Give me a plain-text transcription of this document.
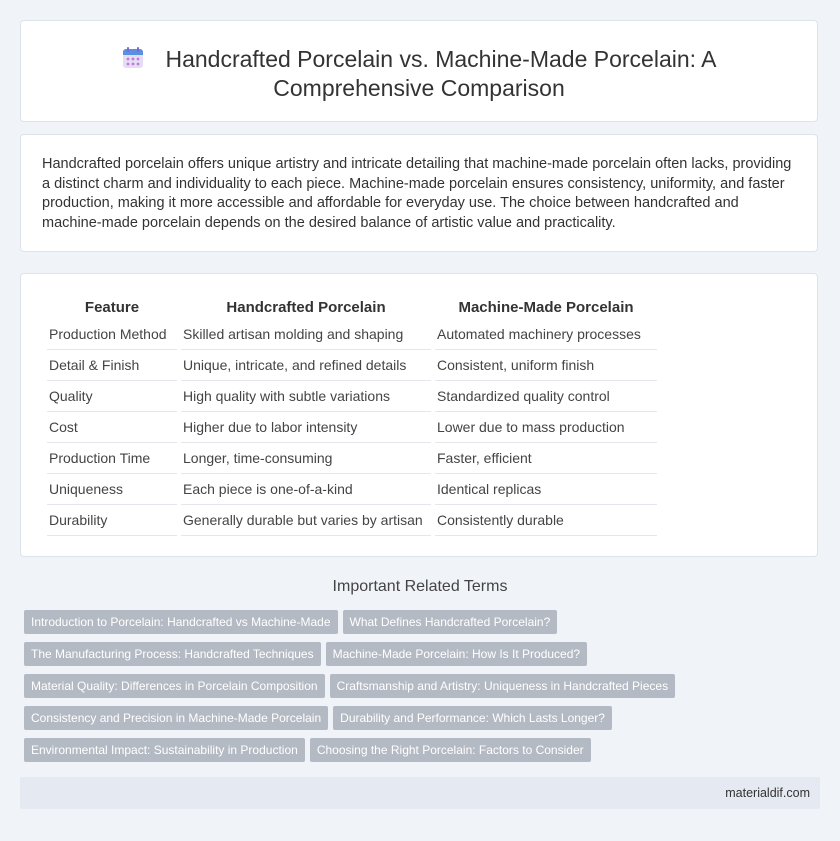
Handcrafted Porcelain vs. Machine-Made Porcelain: A
Comprehensive Comparison

Handcrafted porcelain offers unique artistry and intricate detailing that machine-made porcelain often lacks, providing a distinct charm and individuality to each piece. Machine-made porcelain ensures consistency, uniformity, and faster production, making it more accessible and affordable for everyday use. The choice between handcrafted and machine-made porcelain depends on the desired balance of artistic value and practicality.

Feature	Handcrafted Porcelain	Machine-Made Porcelain
Production Method	Skilled artisan molding and shaping	Automated machinery processes
Detail & Finish	Unique, intricate, and refined details	Consistent, uniform finish
Quality	High quality with subtle variations	Standardized quality control
Cost	Higher due to labor intensity	Lower due to mass production
Production Time	Longer, time-consuming	Faster, efficient
Uniqueness	Each piece is one-of-a-kind	Identical replicas
Durability	Generally durable but varies by artisan	Consistently durable
Important Related Terms
Introduction to Porcelain: Handcrafted vs Machine-Made What Defines Handcrafted Porcelain?
The Manufacturing Process: Handcrafted Techniques Machine-Made Porcelain: How Is It Produced?
Material Quality: Differences in Porcelain Composition Craftsmanship and Artistry: Uniqueness in Handcrafted Pieces
Consistency and Precision in Machine-Made Porcelain Durability and Performance: Which Lasts Longer?
Environmental Impact: Sustainability in Production Choosing the Right Porcelain: Factors to Consider
materialdif.com
